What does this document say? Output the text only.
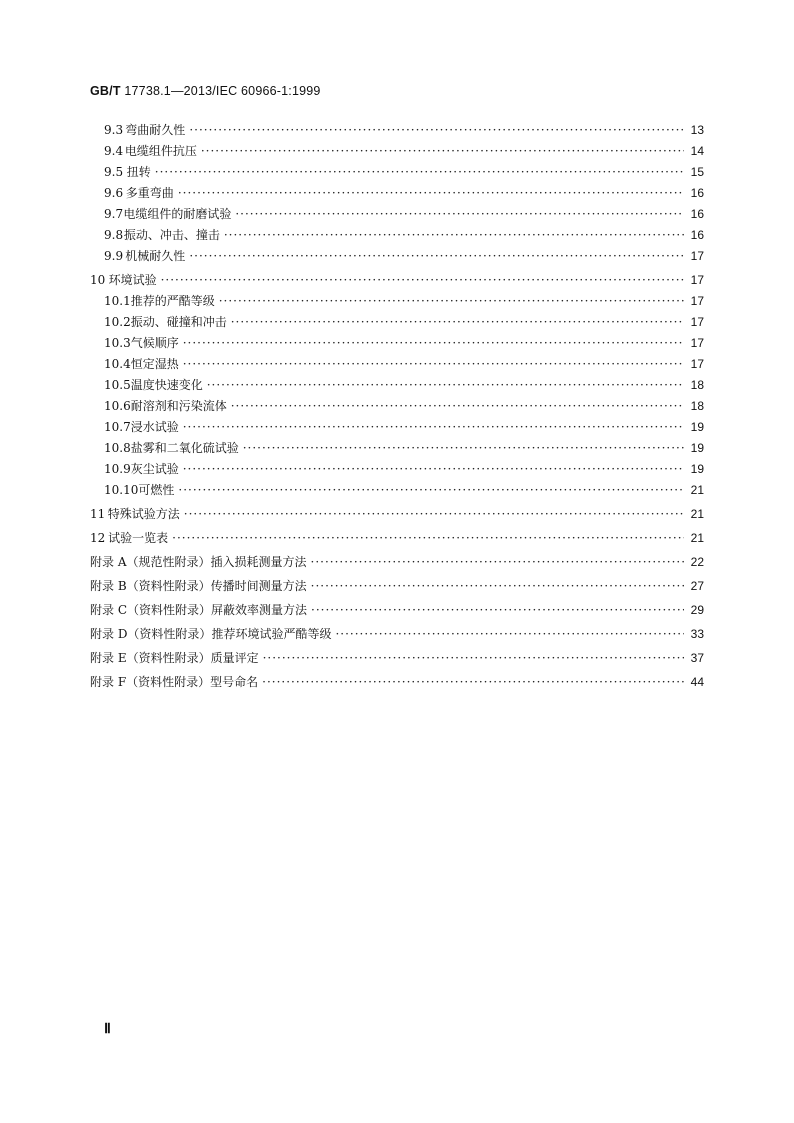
GB/T 17738.1—2013/IEC 60966-1:1999
9.3 弯曲耐久性 ·····	13
9.4 电缆组件抗压 ·····	14
9.5 扭转 ·····	15
9.6 多重弯曲 ·····	16
9.7 电缆组件的耐磨试验 ·····	16
9.8 振动、冲击、撞击 ·····	16
9.9 机械耐久性 ·····	17
10 环境试验 ·····	17
10.1 推荐的严酷等级 ·····	17
10.2 振动、碰撞和冲击 ·····	17
10.3 气候顺序 ·····	17
10.4 恒定湿热 ·····	17
10.5 温度快速变化 ·····	18
10.6 耐溶剂和污染流体 ·····	18
10.7 浸水试验 ·····	19
10.8 盐雾和二氧化硫试验 ·····	19
10.9 灰尘试验 ·····	19
10.10 可燃性 ·····	21
11 特殊试验方法 ·····	21
12 试验一览表 ·····	21
附录 A（规范性附录） 插入损耗测量方法 ·····	22
附录 B（资料性附录） 传播时间测量方法 ·····	27
附录 C（资料性附录） 屏蔽效率测量方法 ·····	29
附录 D（资料性附录） 推荐环境试验严酷等级 ·····	33
附录 E（资料性附录） 质量评定 ·····	37
附录 F（资料性附录） 型号命名 ·····	44
Ⅱ
